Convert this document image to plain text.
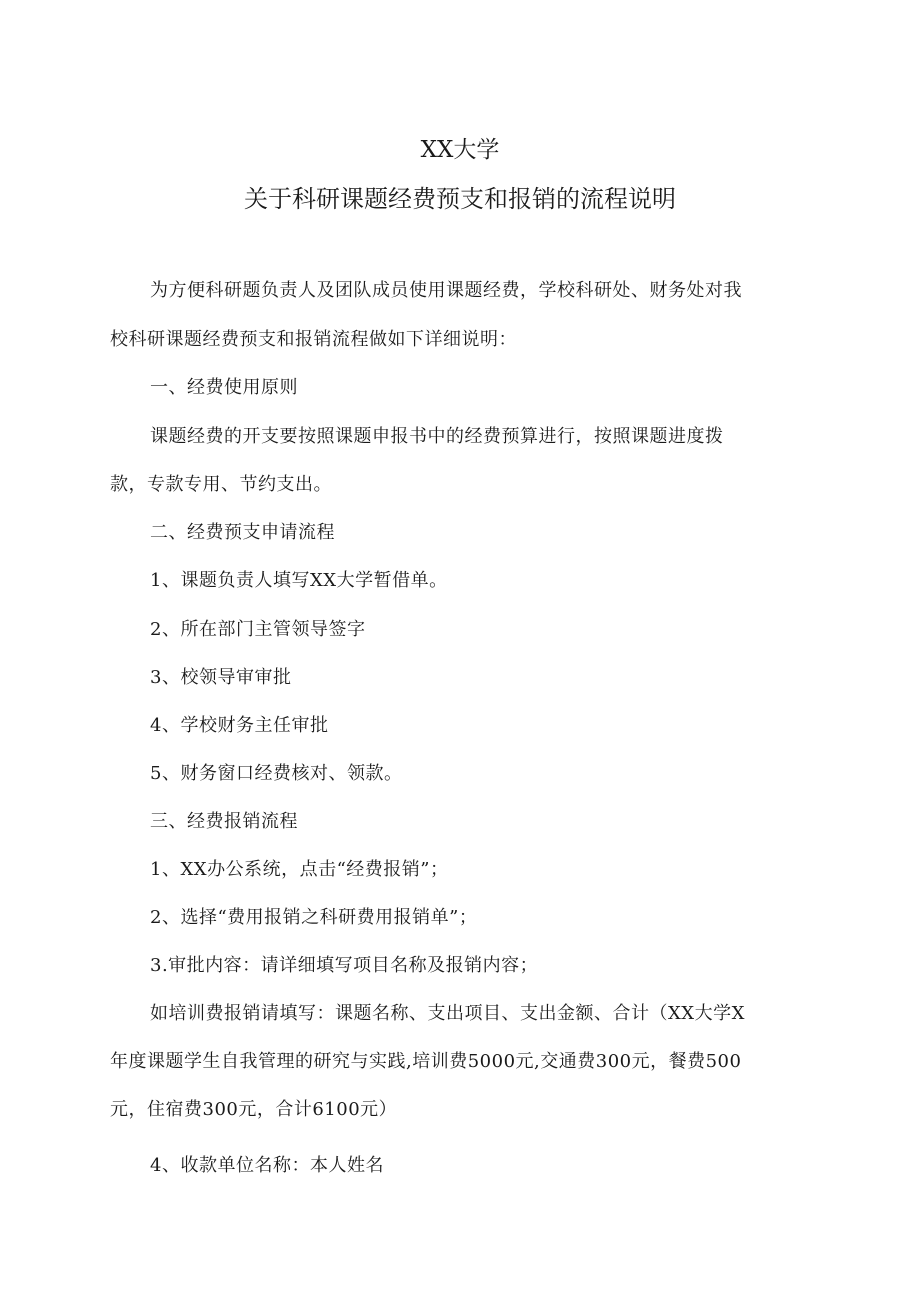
XX大学
关于科研课题经费预支和报销的流程说明
为方便科研题负责人及团队成员使用课题经费，学校科研处、财务处对我
校科研课题经费预支和报销流程做如下详细说明：
一、经费使用原则
课题经费的开支要按照课题申报书中的经费预算进行，按照课题进度拨
款，专款专用、节约支出。
二、经费预支申请流程
1、课题负责人填写XX大学暂借单。
2、所在部门主管领导签字
3、校领导审审批
4、学校财务主任审批
5、财务窗口经费核对、领款。
三、经费报销流程
1、XX办公系统，点击“经费报销”；
2、选择“费用报销之科研费用报销单”；
3.审批内容：请详细填写项目名称及报销内容；
如培训费报销请填写：课题名称、支出项目、支出金额、合计（XX大学X
年度课题学生自我管理的研究与实践,培训费5000元,交通费300元，餐费500
元，住宿费300元，合计6100元）
4、收款单位名称：本人姓名
